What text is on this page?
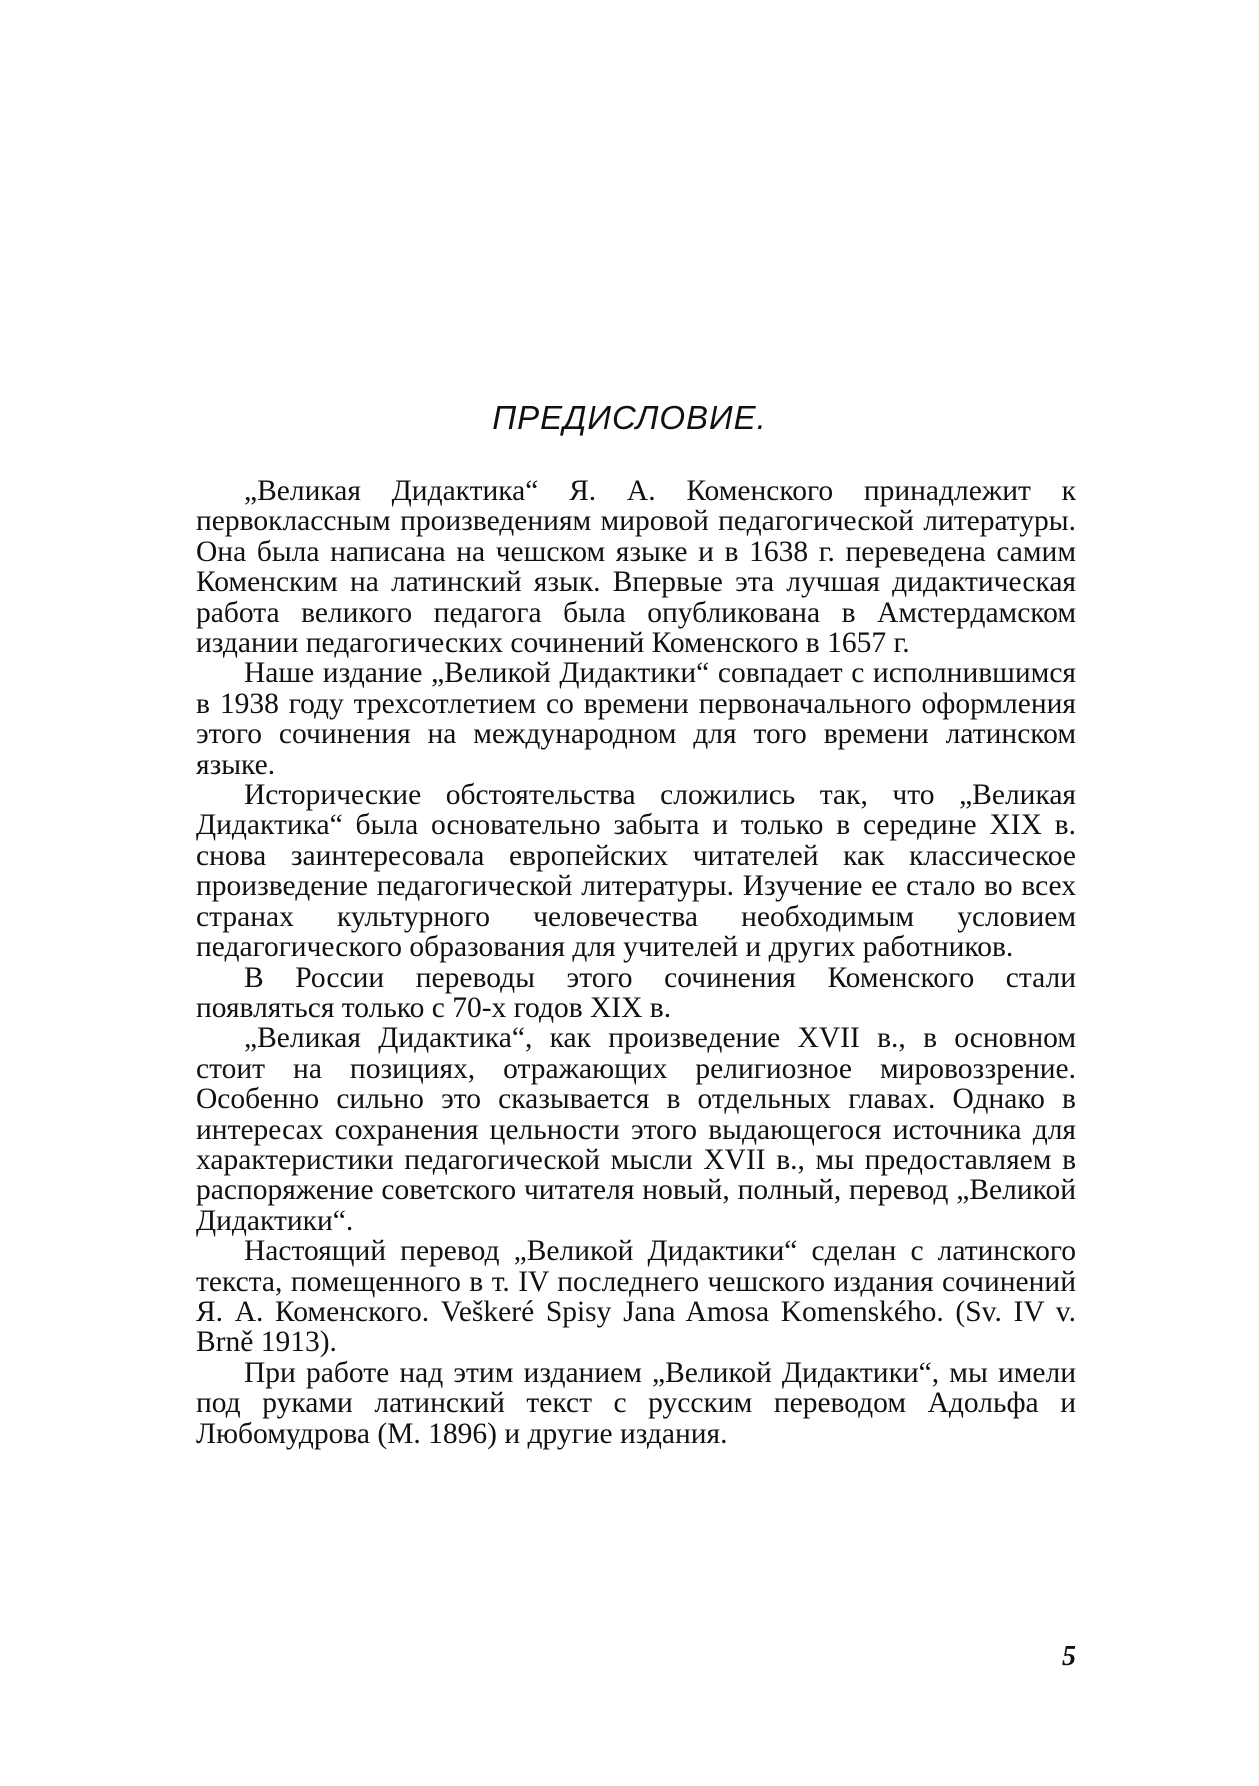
ПРЕДИСЛОВИЕ.

„Великая Дидактика“ Я. А. Коменского принадлежит к первоклассным произведениям мировой педагогической литературы. Она была написана на чешском языке и в 1638 г. переведена самим Коменским на латинский язык. Впервые эта лучшая дидактическая работа великого педагога была опубликована в Амстердамском издании педагогических сочинений Коменского в 1657 г.

Наше издание „Великой Дидактики“ совпадает с исполнившимся в 1938 году трехсотлетием со времени первоначального оформления этого сочинения на международном для того времени латинском языке.

Исторические обстоятельства сложились так, что „Великая Дидактика“ была основательно забыта и только в середине XIX в. снова заинтересовала европейских читателей как классическое произведение педагогической литературы. Изучение ее стало во всех странах культурного человечества необходимым условием педагогического образования для учителей и других работников.

В России переводы этого сочинения Коменского стали появляться только с 70-х годов XIX в.

„Великая Дидактика“, как произведение XVII в., в основном стоит на позициях, отражающих религиозное мировоззрение. Особенно сильно это сказывается в отдельных главах. Однако в интересах сохранения цельности этого выдающегося источника для характеристики педагогической мысли XVII в., мы предоставляем в распоряжение советского читателя новый, полный, перевод „Великой Дидактики“.

Настоящий перевод „Великой Дидактики“ сделан с латинского текста, помещенного в т. IV последнего чешского издания сочинений Я. А. Коменского. Veškeré Spisy Jana Amosa Komenského. (Sv. IV v. Brně 1913).

При работе над этим изданием „Великой Дидактики“, мы имели под руками латинский текст с русским переводом Адольфа и Любомудрова (М. 1896) и другие издания.

5
